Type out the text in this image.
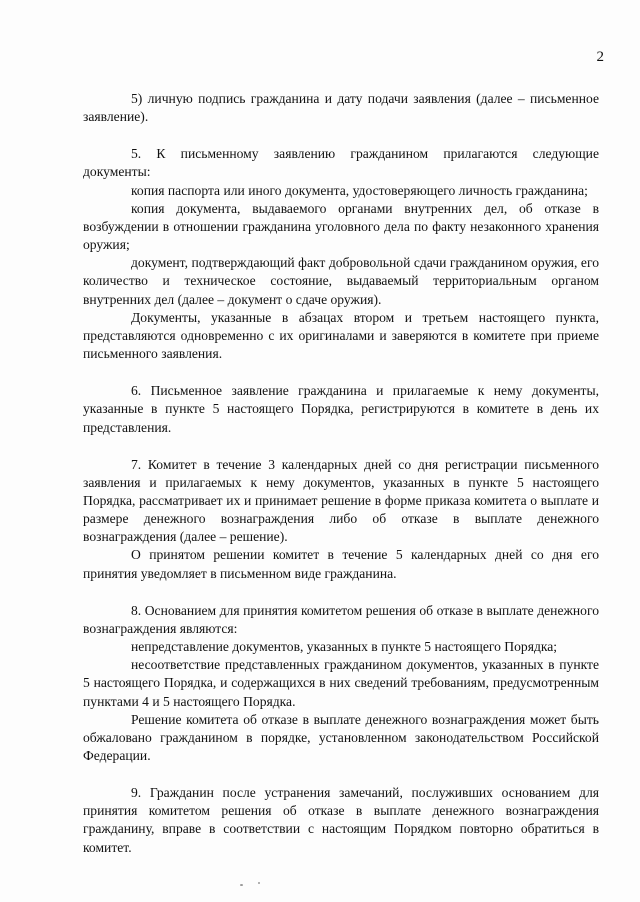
2

5) личную подпись гражданина и дату подачи заявления (далее – письменное заявление).

5. К письменному заявлению гражданином прилагаются следующие документы:

копия паспорта или иного документа, удостоверяющего личность гражданина;

копия документа, выдаваемого органами внутренних дел, об отказе в возбуждении в отношении гражданина уголовного дела по факту незаконного хранения оружия;

документ, подтверждающий факт добровольной сдачи гражданином оружия, его количество и техническое состояние, выдаваемый территориальным органом внутренних дел (далее – документ о сдаче оружия).

Документы, указанные в абзацах втором и третьем настоящего пункта, представляются одновременно с их оригиналами и заверяются в комитете при приеме письменного заявления.

6. Письменное заявление гражданина и прилагаемые к нему документы, указанные в пункте 5 настоящего Порядка, регистрируются в комитете в день их представления.

7. Комитет в течение 3 календарных дней со дня регистрации письменного заявления и прилагаемых к нему документов, указанных в пункте 5 настоящего Порядка, рассматривает их и принимает решение в форме приказа комитета о выплате и размере денежного вознаграждения либо об отказе в выплате денежного вознаграждения (далее – решение).

О принятом решении комитет в течение 5 календарных дней со дня его принятия уведомляет в письменном виде гражданина.

8. Основанием для принятия комитетом решения об отказе в выплате денежного вознаграждения являются:

непредставление документов, указанных в пункте 5 настоящего Порядка;

несоответствие представленных гражданином документов, указанных в пункте 5 настоящего Порядка, и содержащихся в них сведений требованиям, предусмотренным пунктами 4 и 5 настоящего Порядка.

Решение комитета об отказе в выплате денежного вознаграждения может быть обжаловано гражданином в порядке, установленном законодательством Российской Федерации.

9. Гражданин после устранения замечаний, послуживших основанием для принятия комитетом решения об отказе в выплате денежного вознаграждения гражданину, вправе в соответствии с настоящим Порядком повторно обратиться в комитет.
